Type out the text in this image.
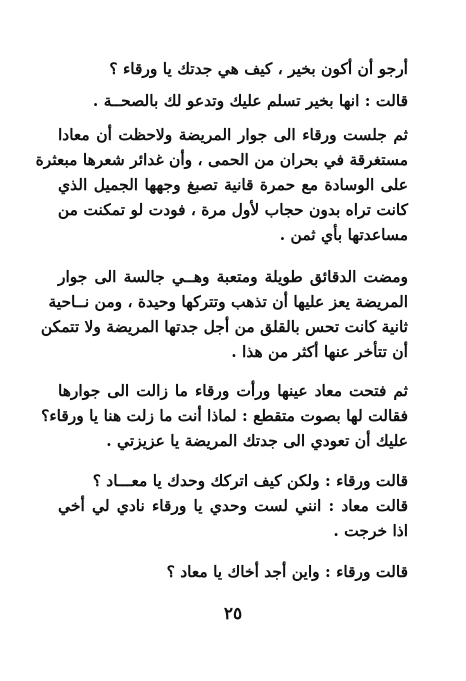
أرجو أن أكون بخير ، كيف هي جدتك يا ورقاء ؟
قالت : انها بخير تسلم عليك وتدعو لك بالصحــة .
ثم جلست ورقاء الى جوار المريضة ولاحظت أن معادا
مستغرقة في بحران من الحمى ، وأن غدائر شعرها مبعثرة
على الوسادة مع حمرة قانية تصبغ وجهها الجميل الذي
كانت تراه بدون حجاب لأول مرة ، فودت لو تمكنت من
مساعدتها بأي ثمن .
ومضت الدقائق طويلة ومتعبة وهــي جالسة الى جوار
المريضة يعز عليها أن تذهب وتتركها وحيدة ، ومن نــاحية
ثانية كانت تحس بالقلق من أجل جدتها المريضة ولا تتمكن
أن تتأخر عنها أكثر من هذا .
ثم فتحت معاد عينها ورأت ورقاء ما زالت الى جوارها
فقالت لها بصوت متقطع : لماذا أنت ما زلت هنا يا ورقاء؟
عليك أن تعودي الى جدتك المريضة يا عزيزتي .
قالت ورقاء : ولكن كيف اتركك وحدك يا معـــاد ؟
قالت معاد : انني لست وحدي يا ورقاء نادي لي أخي
اذا خرجت .
قالت ورقاء : واين أجد أخاك يا معاد ؟
٢٥
